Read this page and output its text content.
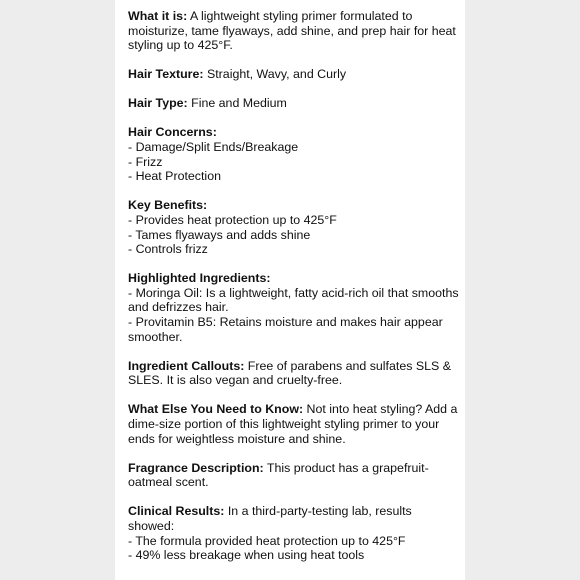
What it is: A lightweight styling primer formulated to moisturize, tame flyaways, add shine, and prep hair for heat styling up to 425°F.

Hair Texture: Straight, Wavy, and Curly

Hair Type: Fine and Medium

Hair Concerns:

- Damage/Split Ends/Breakage
- Frizz
- Heat Protection

Key Benefits:

- Provides heat protection up to 425°F
- Tames flyaways and adds shine
- Controls frizz

Highlighted Ingredients:

- Moringa Oil: Is a lightweight, fatty acid-rich oil that smooths and defrizzes hair.
- Provitamin B5: Retains moisture and makes hair appear smoother.

Ingredient Callouts: Free of parabens and sulfates SLS & SLES. It is also vegan and cruelty-free.

What Else You Need to Know: Not into heat styling? Add a dime-size portion of this lightweight styling primer to your ends for weightless moisture and shine.

Fragrance Description: This product has a grapefruit-oatmeal scent.

Clinical Results: In a third-party-testing lab, results showed:

- The formula provided heat protection up to 425°F
- 49% less breakage when using heat tools
